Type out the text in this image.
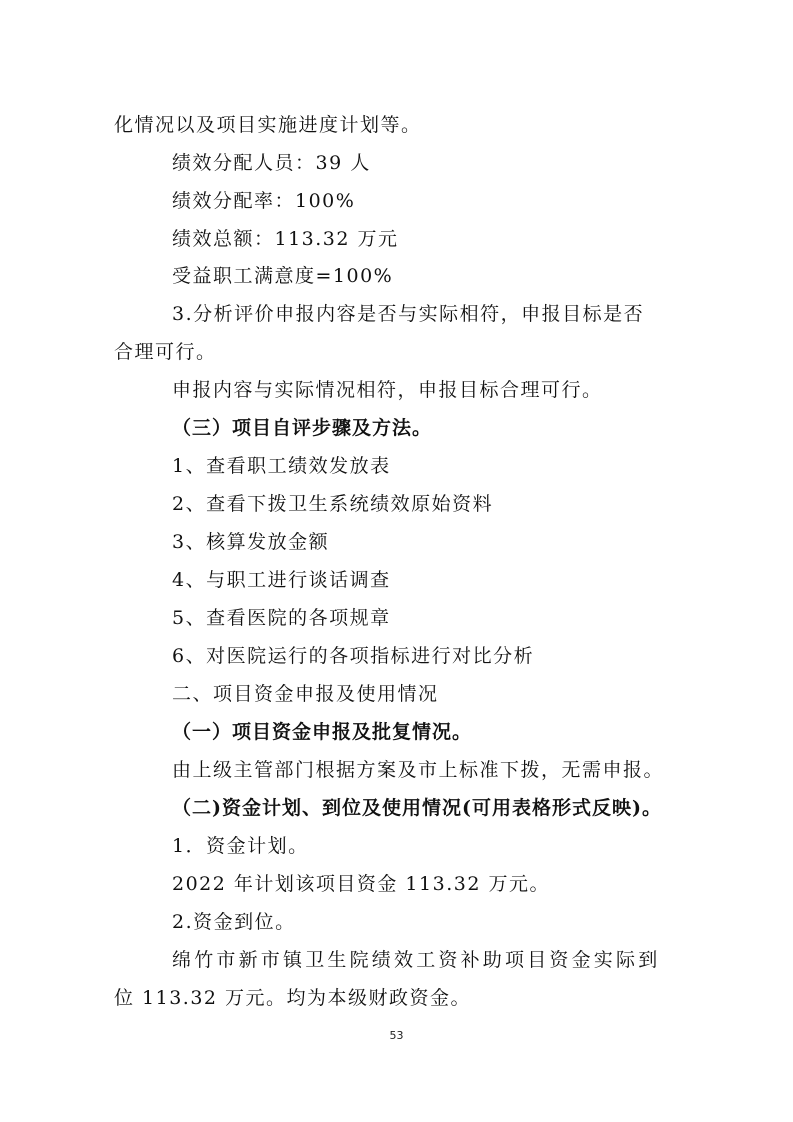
化情况以及项目实施进度计划等。
绩效分配人员：39 人
绩效分配率：100%
绩效总额：113.32 万元
受益职工满意度=100%
3.分析评价申报内容是否与实际相符，申报目标是否
合理可行。
申报内容与实际情况相符，申报目标合理可行。
（三）项目自评步骤及方法。
1、查看职工绩效发放表
2、查看下拨卫生系统绩效原始资料
3、核算发放金额
4、与职工进行谈话调查
5、查看医院的各项规章
6、对医院运行的各项指标进行对比分析
二、项目资金申报及使用情况
（一）项目资金申报及批复情况。
由上级主管部门根据方案及市上标准下拨，无需申报。
（二)资金计划、到位及使用情况(可用表格形式反映)。
1．资金计划。
2022 年计划该项目资金 113.32 万元。
2.资金到位。
绵竹市新市镇卫生院绩效工资补助项目资金实际到
位 113.32 万元。均为本级财政资金。
53
